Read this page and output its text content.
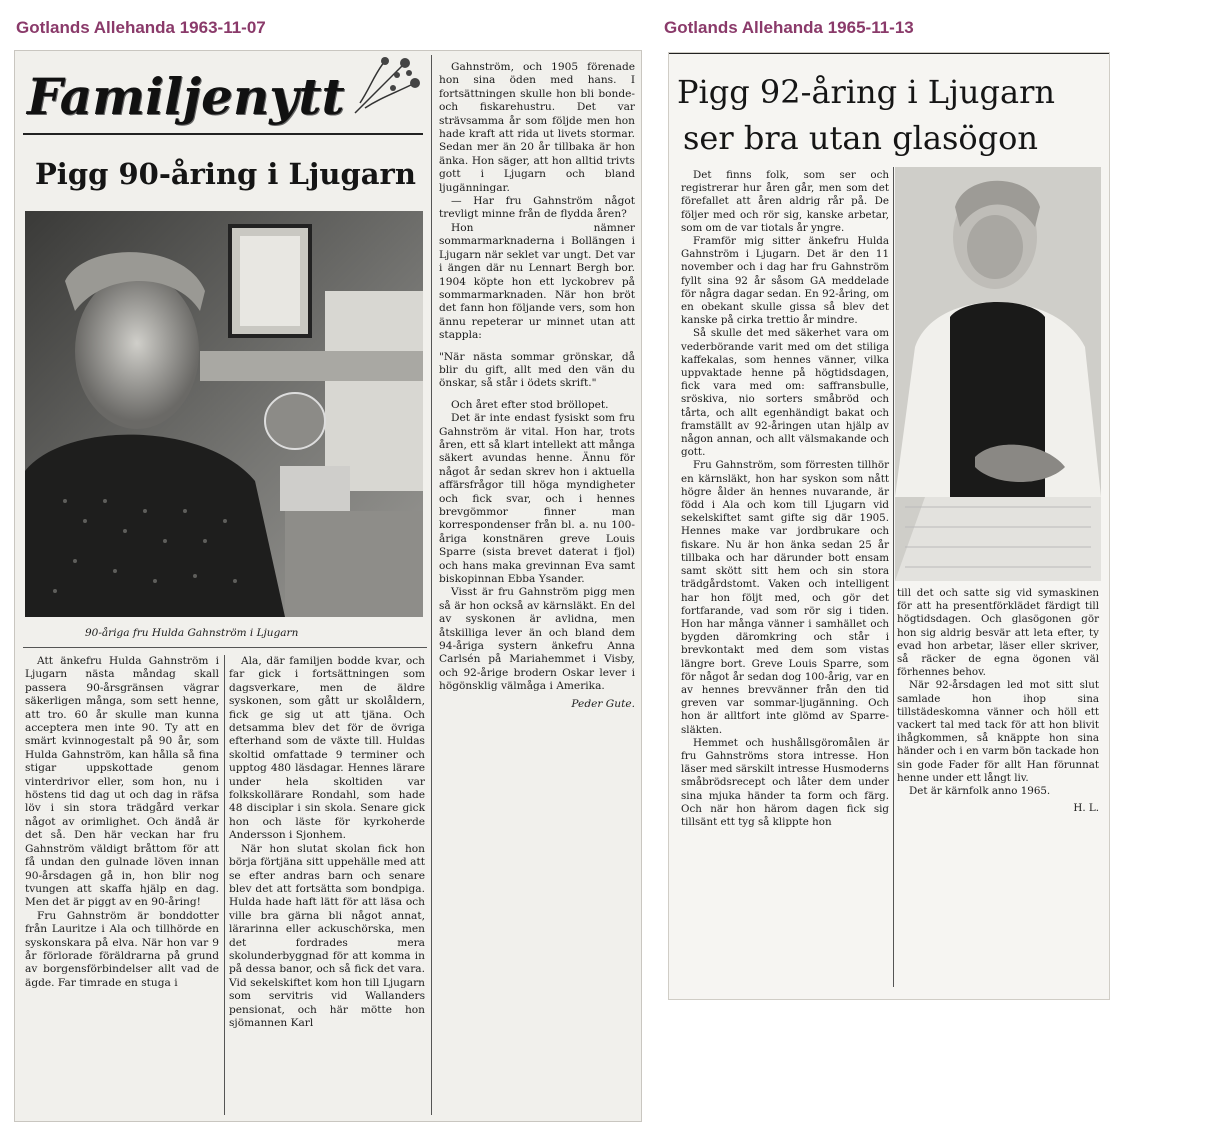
Gotlands Allehanda 1963-11-07
Familjenytt
Pigg 90-åring i Ljugarn
90-åriga fru Hulda Gahnström i Ljugarn

Att änkefru Hulda Gahnström i Ljugarn nästa måndag skall passera 90-årsgränsen vägrar säkerligen många, som sett henne, att tro. 60 år skulle man kunna acceptera men inte 90. Ty att en smärt kvinnogestalt på 90 år, som Hulda Gahnström, kan hålla så fina stigar uppskottade genom vinterdrivor eller, som hon, nu i höstens tid dag ut och dag in räfsa löv i sin stora trädgård verkar något av orimlighet. Och ändå är det så. Den här veckan har fru Gahnström väldigt bråttom för att få undan den gulnade löven innan 90-årsdagen gå in, hon blir nog tvungen att skaffa hjälp en dag. Men det är piggt av en 90-åring!

Fru Gahnström är bonddotter från Lauritze i Ala och tillhörde en syskonskara på elva. När hon var 9 år förlorade föräldrarna på grund av borgensförbindelser allt vad de ägde. Far timrade en stuga i

Ala, där familjen bodde kvar, och far gick i fortsättningen som dagsverkare, men de äldre syskonen, som gått ur skolåldern, fick ge sig ut att tjäna. Och detsamma blev det för de övriga efterhand som de växte till. Huldas skoltid omfattade 9 terminer och upptog 480 läsdagar. Hennes lärare under hela skoltiden var folkskollärare Rondahl, som hade 48 disciplar i sin skola. Senare gick hon och läste för kyrkoherde Andersson i Sjonhem.

När hon slutat skolan fick hon börja förtjäna sitt uppehälle med att se efter andras barn och senare blev det att fortsätta som bondpiga. Hulda hade haft lätt för att läsa och ville bra gärna bli något annat, lärarinna eller ackuschörska, men det fordrades mera skolunderbyggnad för att komma in på dessa banor, och så fick det vara. Vid sekelskiftet kom hon till Ljugarn som servitris vid Wallanders pensionat, och här mötte hon sjömannen Karl

Gahnström, och 1905 förenade hon sina öden med hans. I fortsättningen skulle hon bli bonde- och fiskarehustru. Det var strävsamma år som följde men hon hade kraft att rida ut livets stormar. Sedan mer än 20 år tillbaka är hon änka. Hon säger, att hon alltid trivts gott i Ljugarn och bland ljugänningar.

— Har fru Gahnström något trevligt minne från de flydda åren?

Hon nämner sommarmarknaderna i Bollängen i Ljugarn när seklet var ungt. Det var i ängen där nu Lennart Bergh bor. 1904 köpte hon ett lyckobrev på sommarmarknaden. När hon bröt det fann hon följande vers, som hon ännu repeterar ur minnet utan att stappla:

"När nästa sommar grönskar, då blir du gift, allt med den vän du önskar, så står i ödets skrift."

Och året efter stod bröllopet.

Det är inte endast fysiskt som fru Gahnström är vital. Hon har, trots åren, ett så klart intellekt att många säkert avundas henne. Ännu för något år sedan skrev hon i aktuella affärsfrågor till höga myndigheter och fick svar, och i hennes brevgömmor finner man korrespondenser från bl. a. nu 100-åriga konstnären greve Louis Sparre (sista brevet daterat i fjol) och hans maka grevinnan Eva samt biskopinnan Ebba Ysander.

Visst är fru Gahnström pigg men så är hon också av kärnsläkt. En del av syskonen är avlidna, men åtskilliga lever än och bland dem 94-åriga systern änkefru Anna Carlsén på Mariahemmet i Visby, och 92-årige brodern Oskar lever i högönsklig välmåga i Amerika.

Peder Gute.
Gotlands Allehanda 1965-11-13
Pigg 92-åring i Ljugarn
ser bra utan glasögon

Det finns folk, som ser och registrerar hur åren går, men som det förefallet att åren aldrig rår på. De följer med och rör sig, kanske arbetar, som om de var tiotals år yngre.

Framför mig sitter änkefru Hulda Gahnström i Ljugarn. Det är den 11 november och i dag har fru Gahnström fyllt sina 92 år såsom GA meddelade för några dagar sedan. En 92-åring, om en obekant skulle gissa så blev det kanske på cirka trettio år mindre.

Så skulle det med säkerhet vara om vederbörande varit med om det stiliga kaffekalas, som hennes vänner, vilka uppvaktade henne på högtidsdagen, fick vara med om: saffransbulle, sröskiva, nio sorters småbröd och tårta, och allt egenhändigt bakat och framställt av 92-åringen utan hjälp av någon annan, och allt välsmakande och gott.

Fru Gahnström, som förresten tillhör en kärnsläkt, hon har syskon som nått högre ålder än hennes nuvarande, är född i Ala och kom till Ljugarn vid sekelskiftet samt gifte sig där 1905. Hennes make var jordbrukare och fiskare. Nu är hon änka sedan 25 år tillbaka och har därunder bott ensam samt skött sitt hem och sin stora trädgårdstomt. Vaken och intelligent har hon följt med, och gör det fortfarande, vad som rör sig i tiden. Hon har många vänner i samhället och bygden däromkring och står i brevkontakt med dem som vistas längre bort. Greve Louis Sparre, som för något år sedan dog 100-årig, var en av hennes brevvänner från den tid greven var sommar-ljugänning. Och hon är alltfort inte glömd av Sparre-släkten.

Hemmet och hushållsgöromålen är fru Gahnströms stora intresse. Hon läser med särskilt intresse Husmoderns småbrödsrecept och låter dem under sina mjuka händer ta form och färg. Och när hon härom dagen fick sig tillsänt ett tyg så klippte hon

till det och satte sig vid symaskinen för att ha presentförklädet färdigt till högtidsdagen. Och glasögonen gör hon sig aldrig besvär att leta efter, ty evad hon arbetar, läser eller skriver, så räcker de egna ögonen väl förhennes behov.

När 92-årsdagen led mot sitt slut samlade hon ihop sina tillstädeskomna vänner och höll ett vackert tal med tack för att hon blivit ihågkommen, så knäppte hon sina händer och i en varm bön tackade hon sin gode Fader för allt Han förunnat henne under ett långt liv.

Det är kärnfolk anno 1965.

H. L.
